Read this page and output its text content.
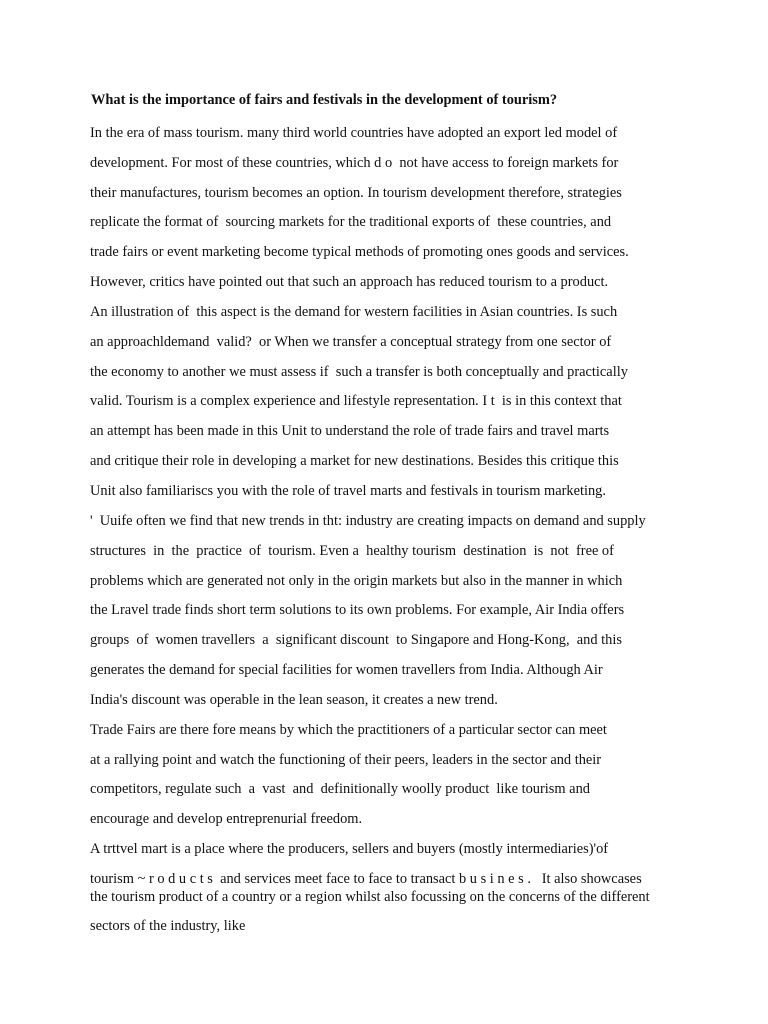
What is the importance of fairs and festivals in the development of tourism?
In the era of mass tourism. many third world countries have adopted an export led model of
development. For most of these countries, which d o  not have access to foreign markets for
their manufactures, tourism becomes an option. In tourism development therefore, strategies
replicate the format of  sourcing markets for the traditional exports of  these countries, and
trade fairs or event marketing become typical methods of promoting ones goods and services.
However, critics have pointed out that such an approach has reduced tourism to a product.
An illustration of  this aspect is the demand for western facilities in Asian countries. Is such
an approachldemand  valid?  or When we transfer a conceptual strategy from one sector of
the economy to another we must assess if  such a transfer is both conceptually and practically
valid. Tourism is a complex experience and lifestyle representation. I t  is in this context that
an attempt has been made in this Unit to understand the role of trade fairs and travel marts
and critique their role in developing a market for new destinations. Besides this critique this
Unit also familiariscs you with the role of travel marts and festivals in tourism marketing.
'  Uuife often we find that new trends in tht: industry are creating impacts on demand and supply
structures  in  the  practice  of  tourism. Even a  healthy tourism  destination  is  not  free of
problems which are generated not only in the origin markets but also in the manner in which
the Lravel trade finds short term solutions to its own problems. For example, Air India offers
groups  of  women travellers  a  significant discount  to Singapore and Hong-Kong,  and this
generates the demand for special facilities for women travellers from India. Although Air
India's discount was operable in the lean season, it creates a new trend.
Trade Fairs are there fore means by which the practitioners of a particular sector can meet
at a rallying point and watch the functioning of their peers, leaders in the sector and their
competitors, regulate such  a  vast  and  definitionally woolly product  like tourism and
encourage and develop entreprenurial freedom.
A trttvel mart is a place where the producers, sellers and buyers (mostly intermediaries)'of
tourism ~ r o d u c t s  and services meet face to face to transact b u s i n e s .   It also showcases
the tourism product of a country or a region whilst also focussing on the concerns of the different
sectors of the industry, like
